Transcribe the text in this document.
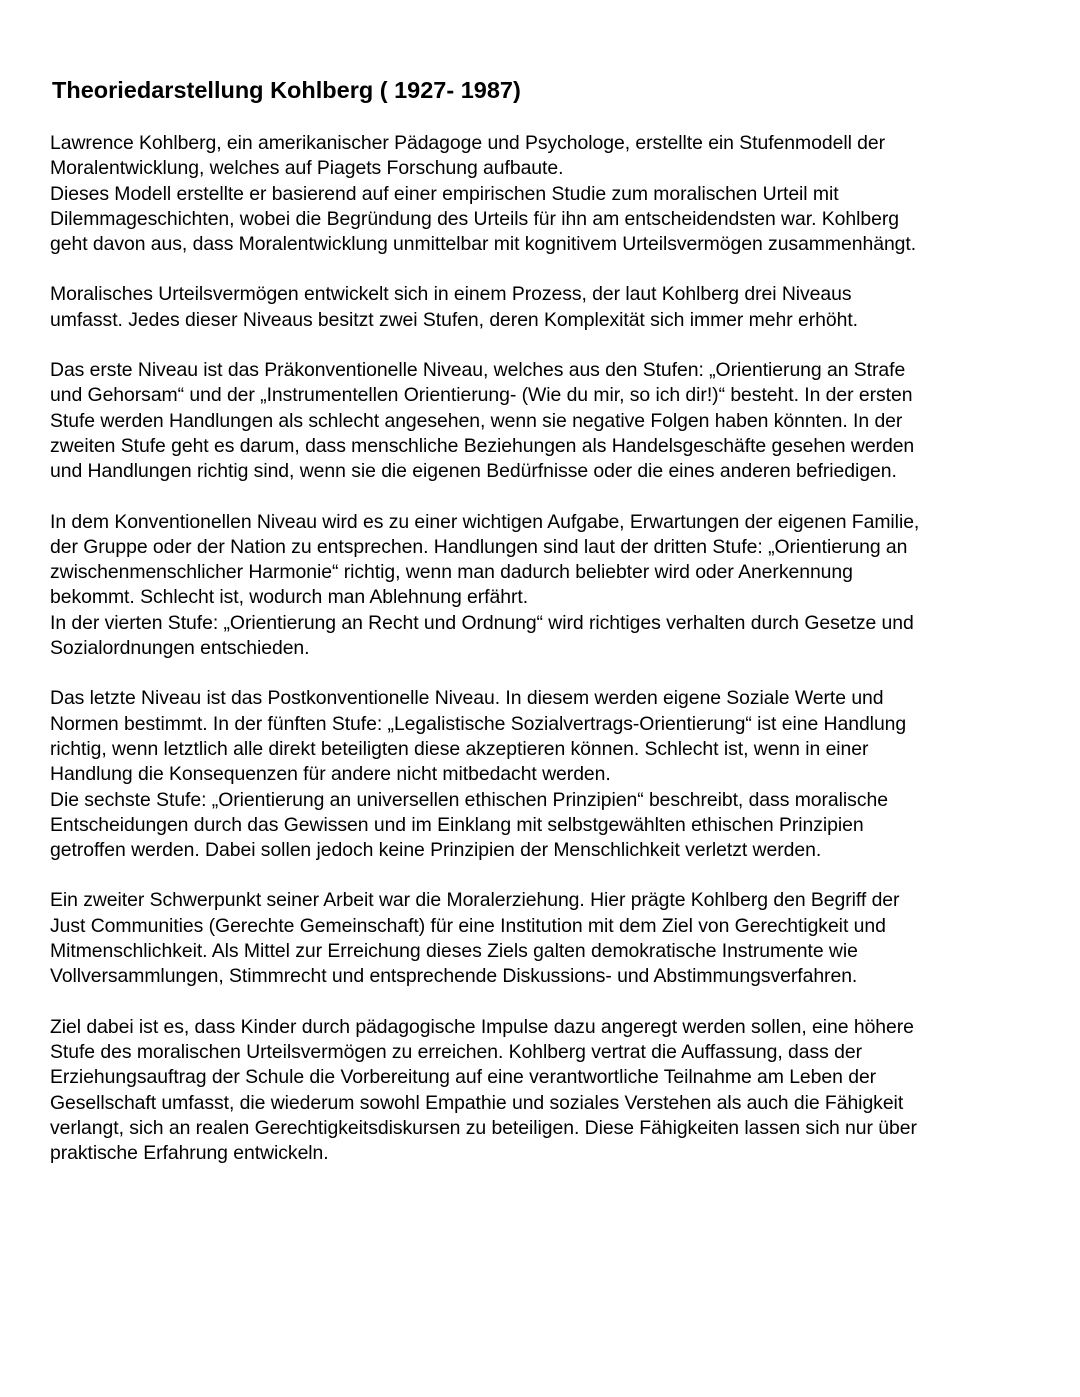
Theoriedarstellung Kohlberg ( 1927- 1987)

Lawrence Kohlberg, ein amerikanischer Pädagoge und Psychologe, erstellte ein Stufenmodell der
Moralentwicklung, welches auf Piagets Forschung aufbaute.
Dieses Modell erstellte er basierend auf einer empirischen Studie zum moralischen Urteil mit
Dilemmageschichten, wobei die Begründung des Urteils für ihn am entscheidendsten war. Kohlberg
geht davon aus, dass Moralentwicklung unmittelbar mit kognitivem Urteilsvermögen zusammenhängt.

Moralisches Urteilsvermögen entwickelt sich in einem Prozess, der laut Kohlberg drei Niveaus
umfasst. Jedes dieser Niveaus besitzt zwei Stufen, deren Komplexität sich immer mehr erhöht.

Das erste Niveau ist das Präkonventionelle Niveau, welches aus den Stufen: „Orientierung an Strafe
und Gehorsam“ und der „Instrumentellen Orientierung- (Wie du mir, so ich dir!)“ besteht. In der ersten
Stufe werden Handlungen als schlecht angesehen, wenn sie negative Folgen haben könnten. In der
zweiten Stufe geht es darum, dass menschliche Beziehungen als Handelsgeschäfte gesehen werden
und Handlungen richtig sind, wenn sie die eigenen Bedürfnisse oder die eines anderen befriedigen.

In dem Konventionellen Niveau wird es zu einer wichtigen Aufgabe, Erwartungen der eigenen Familie,
der Gruppe oder der Nation zu entsprechen. Handlungen sind laut der dritten Stufe: „Orientierung an
zwischenmenschlicher Harmonie“ richtig, wenn man dadurch beliebter wird oder Anerkennung
bekommt. Schlecht ist, wodurch man Ablehnung erfährt.
In der vierten Stufe: „Orientierung an Recht und Ordnung“ wird richtiges verhalten durch Gesetze und
Sozialordnungen entschieden.

Das letzte Niveau ist das Postkonventionelle Niveau. In diesem werden eigene Soziale Werte und
Normen bestimmt. In der fünften Stufe: „Legalistische Sozialvertrags-Orientierung“ ist eine Handlung
richtig, wenn letztlich alle direkt beteiligten diese akzeptieren können. Schlecht ist, wenn in einer
Handlung die Konsequenzen für andere nicht mitbedacht werden.
Die sechste Stufe: „Orientierung an universellen ethischen Prinzipien“ beschreibt, dass moralische
Entscheidungen durch das Gewissen und im Einklang mit selbstgewählten ethischen Prinzipien
getroffen werden. Dabei sollen jedoch keine Prinzipien der Menschlichkeit verletzt werden.

Ein zweiter Schwerpunkt seiner Arbeit war die Moralerziehung. Hier prägte Kohlberg den Begriff der
Just Communities (Gerechte Gemeinschaft) für eine Institution mit dem Ziel von Gerechtigkeit und
Mitmenschlichkeit. Als Mittel zur Erreichung dieses Ziels galten demokratische Instrumente wie
Vollversammlungen, Stimmrecht und entsprechende Diskussions- und Abstimmungsverfahren.

Ziel dabei ist es, dass Kinder durch pädagogische Impulse dazu angeregt werden sollen, eine höhere
Stufe des moralischen Urteilsvermögen zu erreichen. Kohlberg vertrat die Auffassung, dass der
Erziehungsauftrag der Schule die Vorbereitung auf eine verantwortliche Teilnahme am Leben der
Gesellschaft umfasst, die wiederum sowohl Empathie und soziales Verstehen als auch die Fähigkeit
verlangt, sich an realen Gerechtigkeitsdiskursen zu beteiligen. Diese Fähigkeiten lassen sich nur über
praktische Erfahrung entwickeln.
